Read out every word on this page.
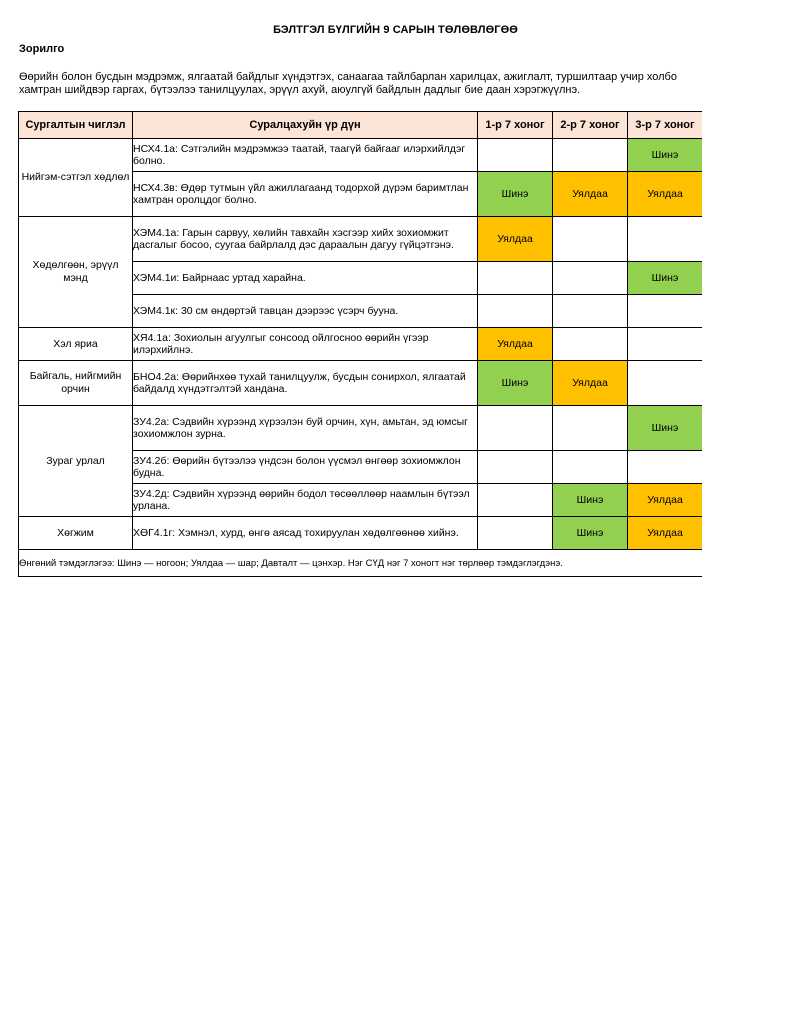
БЭЛТГЭЛ БҮЛГИЙН 9 САРЫН ТӨЛӨВЛӨГӨӨ
Зорилго
Өөрийн болон бусдын мэдрэмж, ялгаатай байдлыг хүндэтгэх, санаагаа тайлбарлан харилцах, ажиглалт, туршилтаар учир холбо
хамтран шийдвэр гаргах, бүтээлээ танилцуулах, эрүүл ахуй, аюулгүй байдлын дадлыг бие даан хэрэгжүүлнэ.
Сургалтын чиглэл	Суралцахуйн үр дүн	1-р 7 хоног	2-р 7 хоног	3-р 7 хоног
Нийгэм-сэтгэл хөдлөл	НСХ4.1а: Сэтгэлийн мэдрэмжээ таатай, таагүй байгааг илэрхийлдэг болно.			Шинэ
	НСХ4.3в: Өдөр тутмын үйл ажиллагаанд тодорхой дүрэм баримтлан хамтран оролцдог болно.	Шинэ	Уялдаа	Уялдаа
Хөдөлгөөн, эрүүл мэнд	ХЭМ4.1а: Гарын сарвуу, хөлийн тавхайн хэсгээр хийх зохиомжит дасгалыг босоо, суугаа байрлалд дэс дараалын дагуу гүйцэтгэнэ.	Уялдаа		
	ХЭМ4.1и: Байрнаас уртад харайна.			Шинэ
	ХЭМ4.1к: 30 см өндөртэй тавцан дээрээс үсэрч бууна.			
Хэл яриа	ХЯ4.1а: Зохиолын агуулгыг сонсоод ойлгосноо өөрийн үгээр илэрхийлнэ.	Уялдаа		
Байгаль, нийгмийн орчин	БНО4.2а: Өөрийнхөө тухай танилцуулж, бусдын сонирхол, ялгаатай байдалд хүндэтгэлтэй хандана.	Шинэ	Уялдаа	
Зураг урлал	ЗУ4.2а: Сэдвийн хүрээнд хүрээлэн буй орчин, хүн, амьтан, эд юмсыг зохиомжлон зурна.			Шинэ
	ЗУ4.2б: Өөрийн бүтээлээ үндсэн болон үүсмэл өнгөөр зохиомжлон будна.			
	ЗУ4.2д: Сэдвийн хүрээнд өөрийн бодол төсөөллөөр наамлын бүтээл урлана.		Шинэ	Уялдаа
Хөгжим	ХӨГ4.1г: Хэмнэл, хурд, өнгө аясад тохируулан хөдөлгөөнөө хийнэ.		Шинэ	Уялдаа
Өнгөний тэмдэглэгээ: Шинэ — ногоон; Уялдаа — шар; Давталт — цэнхэр. Нэг СҮД нэг 7 хоногт нэг төрлөөр тэмдэглэгдэнэ.				
